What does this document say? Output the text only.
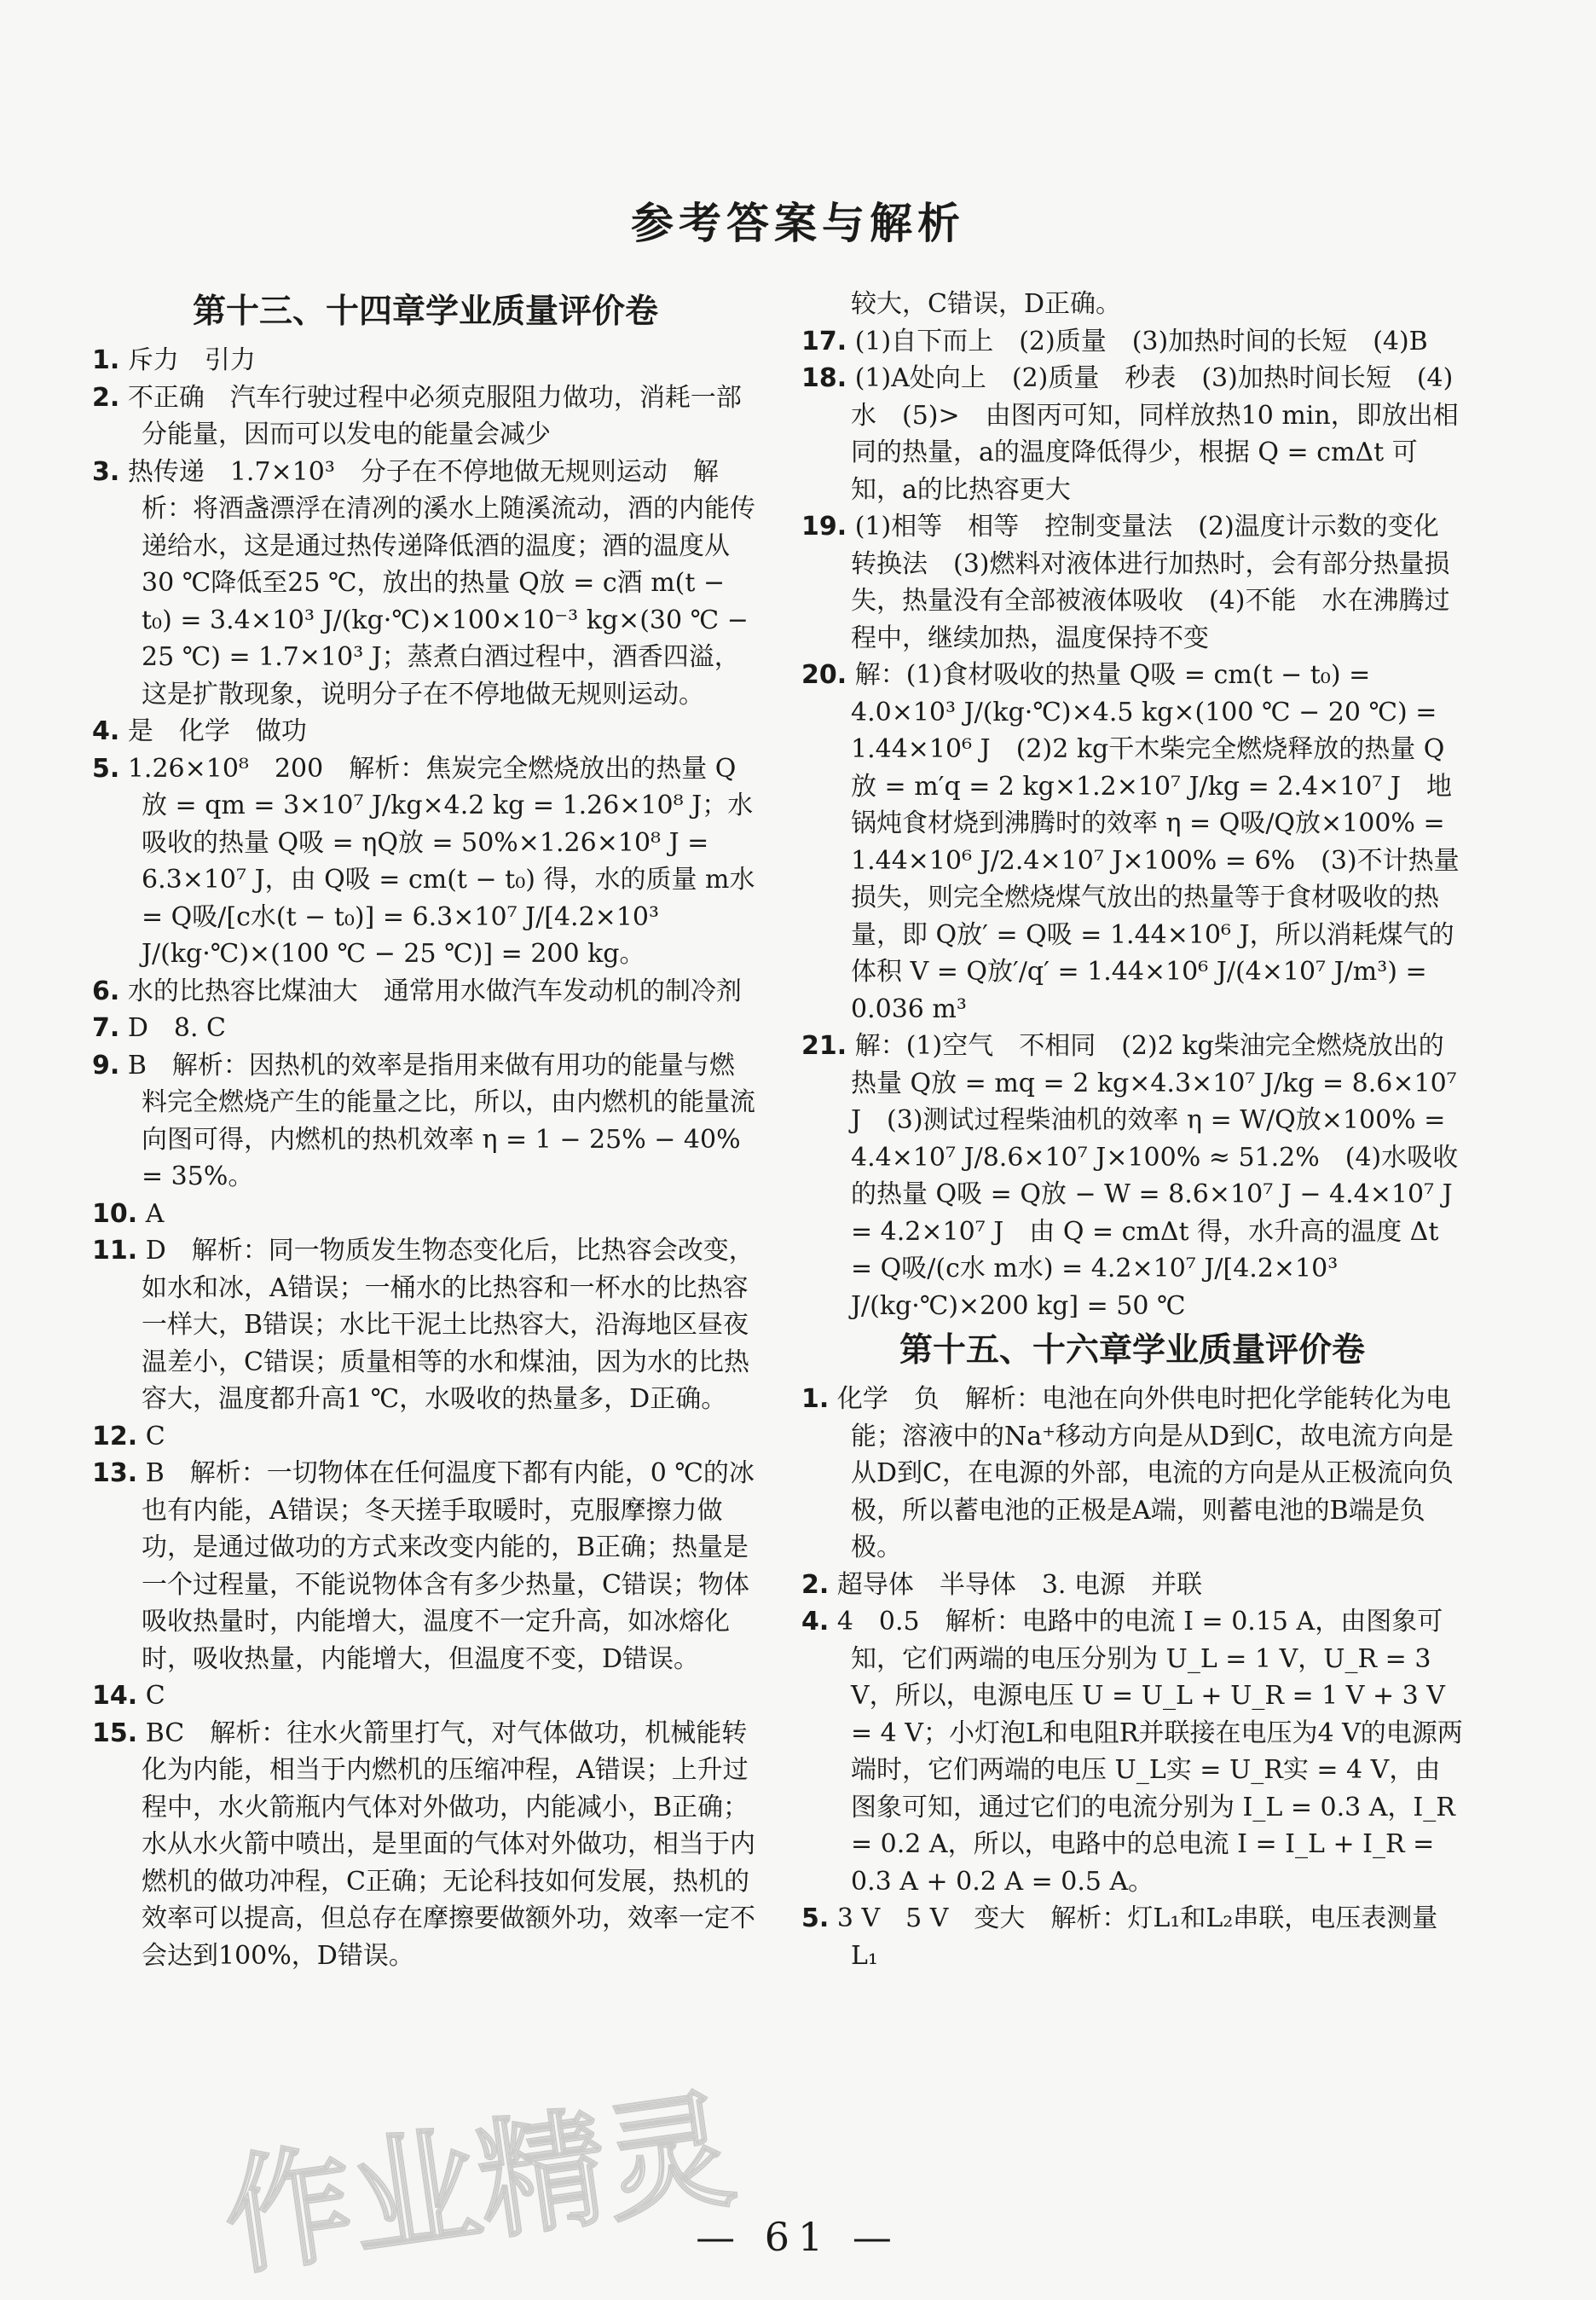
参考答案与解析
第十三、十四章学业质量评价卷
1. 斥力　引力
2. 不正确　汽车行驶过程中必须克服阻力做功，消耗一部分能量，因而可以发电的能量会减少
3. 热传递　1.7×10³　分子在不停地做无规则运动　解析：将酒盏漂浮在清冽的溪水上随溪流动，酒的内能传递给水，这是通过热传递降低酒的温度；酒的温度从30 ℃降低至25 ℃，放出的热量 Q放 = c酒 m(t − t₀) = 3.4×10³ J/(kg·℃)×100×10⁻³ kg×(30 ℃ − 25 ℃) = 1.7×10³ J；蒸煮白酒过程中，酒香四溢，这是扩散现象，说明分子在不停地做无规则运动。
4. 是　化学　做功
5. 1.26×10⁸　200　解析：焦炭完全燃烧放出的热量 Q放 = qm = 3×10⁷ J/kg×4.2 kg = 1.26×10⁸ J；水吸收的热量 Q吸 = ηQ放 = 50%×1.26×10⁸ J = 6.3×10⁷ J，由 Q吸 = cm(t − t₀) 得，水的质量 m水 = Q吸/[c水(t − t₀)] = 6.3×10⁷ J/[4.2×10³ J/(kg·℃)×(100 ℃ − 25 ℃)] = 200 kg。
6. 水的比热容比煤油大　通常用水做汽车发动机的制冷剂
7. D　8. C
9. B　解析：因热机的效率是指用来做有用功的能量与燃料完全燃烧产生的能量之比，所以，由内燃机的能量流向图可得，内燃机的热机效率 η = 1 − 25% − 40% = 35%。
10. A
11. D　解析：同一物质发生物态变化后，比热容会改变，如水和冰，A错误；一桶水的比热容和一杯水的比热容一样大，B错误；水比干泥土比热容大，沿海地区昼夜温差小，C错误；质量相等的水和煤油，因为水的比热容大，温度都升高1 ℃，水吸收的热量多，D正确。
12. C
13. B　解析：一切物体在任何温度下都有内能，0 ℃的冰也有内能，A错误；冬天搓手取暖时，克服摩擦力做功，是通过做功的方式来改变内能的，B正确；热量是一个过程量，不能说物体含有多少热量，C错误；物体吸收热量时，内能增大，温度不一定升高，如冰熔化时，吸收热量，内能增大，但温度不变，D错误。
14. C
15. BC　解析：往水火箭里打气，对气体做功，机械能转化为内能，相当于内燃机的压缩冲程，A错误；上升过程中，水火箭瓶内气体对外做功，内能减小，B正确；水从水火箭中喷出，是里面的气体对外做功，相当于内燃机的做功冲程，C正确；无论科技如何发展，热机的效率可以提高，但总存在摩擦要做额外功，效率一定不会达到100%，D错误。
较大，C错误，D正确。
17. (1)自下而上　(2)质量　(3)加热时间的长短　(4)B
18. (1)A处向上　(2)质量　秒表　(3)加热时间长短　(4)水　(5)>　由图丙可知，同样放热10 min，即放出相同的热量，a的温度降低得少，根据 Q = cmΔt 可知，a的比热容更大
19. (1)相等　相等　控制变量法　(2)温度计示数的变化　转换法　(3)燃料对液体进行加热时，会有部分热量损失，热量没有全部被液体吸收　(4)不能　水在沸腾过程中，继续加热，温度保持不变
20. 解：(1)食材吸收的热量 Q吸 = cm(t − t₀) = 4.0×10³ J/(kg·℃)×4.5 kg×(100 ℃ − 20 ℃) = 1.44×10⁶ J　(2)2 kg干木柴完全燃烧释放的热量 Q放 = m′q = 2 kg×1.2×10⁷ J/kg = 2.4×10⁷ J　地锅炖食材烧到沸腾时的效率 η = Q吸/Q放×100% = 1.44×10⁶ J/2.4×10⁷ J×100% = 6%　(3)不计热量损失，则完全燃烧煤气放出的热量等于食材吸收的热量，即 Q放′ = Q吸 = 1.44×10⁶ J，所以消耗煤气的体积 V = Q放′/q′ = 1.44×10⁶ J/(4×10⁷ J/m³) = 0.036 m³
21. 解：(1)空气　不相同　(2)2 kg柴油完全燃烧放出的热量 Q放 = mq = 2 kg×4.3×10⁷ J/kg = 8.6×10⁷ J　(3)测试过程柴油机的效率 η = W/Q放×100% = 4.4×10⁷ J/8.6×10⁷ J×100% ≈ 51.2%　(4)水吸收的热量 Q吸 = Q放 − W = 8.6×10⁷ J − 4.4×10⁷ J = 4.2×10⁷ J　由 Q = cmΔt 得，水升高的温度 Δt = Q吸/(c水 m水) = 4.2×10⁷ J/[4.2×10³ J/(kg·℃)×200 kg] = 50 ℃
第十五、十六章学业质量评价卷
1. 化学　负　解析：电池在向外供电时把化学能转化为电能；溶液中的Na⁺移动方向是从D到C，故电流方向是从D到C，在电源的外部，电流的方向是从正极流向负极，所以蓄电池的正极是A端，则蓄电池的B端是负极。
2. 超导体　半导体　3. 电源　并联
4. 4　0.5　解析：电路中的电流 I = 0.15 A，由图象可知，它们两端的电压分别为 U_L = 1 V，U_R = 3 V，所以，电源电压 U = U_L + U_R = 1 V + 3 V = 4 V；小灯泡L和电阻R并联接在电压为4 V的电源两端时，它们两端的电压 U_L实 = U_R实 = 4 V，由图象可知，通过它们的电流分别为 I_L = 0.3 A，I_R = 0.2 A，所以，电路中的总电流 I = I_L + I_R = 0.3 A + 0.2 A = 0.5 A。
5. 3 V　5 V　变大　解析：灯L₁和L₂串联，电压表测量L₁
作业精灵
— 61 —
